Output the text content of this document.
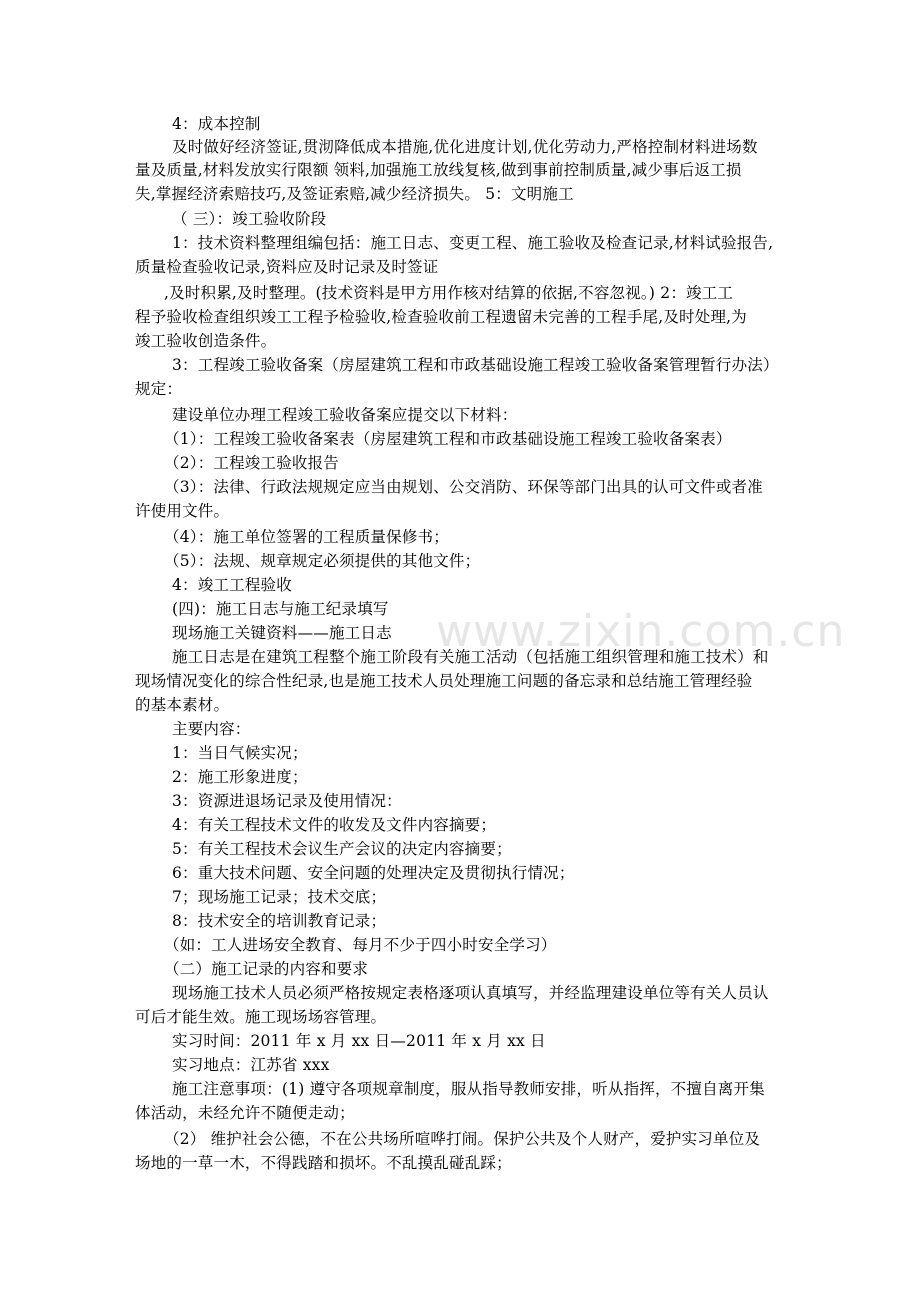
www.zixin.com.cn
4：成本控制
及时做好经济签证,贯沏降低成本措施,优化进度计划,优化劳动力,严格控制材料进场数
量及质量,材料发放实行限额 领料,加强施工放线复核,做到事前控制质量,减少事后返工损
失,掌握经济索赔技巧,及签证索赔,减少经济损失。 5：文明施工
（ 三）：竣工验收阶段
1：技术资料整理组编包括：施工日志、变更工程、施工验收及检查记录,材料试验报告,
质量检查验收记录,资料应及时记录及时签证
,及时积累,及时整理。(技术资料是甲方用作核对结算的依据,不容忽视。) 2：竣工工
程予验收检查组织竣工工程予检验收,检查验收前工程遗留未完善的工程手尾,及时处理,为
竣工验收创造条件。
3：工程竣工验收备案（房屋建筑工程和市政基础设施工程竣工验收备案管理暂行办法）
规定：
建设单位办理工程竣工验收备案应提交以下材料：
（1）：工程竣工验收备案表（房屋建筑工程和市政基础设施工程竣工验收备案表）
（2）：工程竣工验收报告
（3）：法律、行政法规规定应当由规划、公交消防、环保等部门出具的认可文件或者准
许使用文件。
（4）：施工单位签署的工程质量保修书；
（5）：法规、规章规定必须提供的其他文件；
4：竣工工程验收
(四)：施工日志与施工纪录填写
现场施工关键资料——施工日志
施工日志是在建筑工程整个施工阶段有关施工活动（包括施工组织管理和施工技术）和
现场情况变化的综合性纪录,也是施工技术人员处理施工问题的备忘录和总结施工管理经验
的基本素材。
主要内容：
1：当日气候实况；
2：施工形象进度；
3：资源进退场记录及使用情况：
4：有关工程技术文件的收发及文件内容摘要；
5：有关工程技术会议生产会议的决定内容摘要；
6：重大技术问题、安全问题的处理决定及贯彻执行情况；
7；现场施工记录；技术交底；
8：技术安全的培训教育记录；
（如：工人进场安全教育、每月不少于四小时安全学习）
（二）施工记录的内容和要求
现场施工技术人员必须严格按规定表格逐项认真填写，并经监理建设单位等有关人员认
可后才能生效。施工现场场容管理。
实习时间：2011 年 x 月 xx 日—2011 年 x 月 xx 日
实习地点：江苏省 xxx
施工注意事项：(1) 遵守各项规章制度，服从指导教师安排，听从指挥，不擅自离开集
体活动，未经允许不随便走动；
（2） 维护社会公德，不在公共场所喧哗打闹。保护公共及个人财产，爱护实习单位及
场地的一草一木，不得践踏和损坏。不乱摸乱碰乱踩；
